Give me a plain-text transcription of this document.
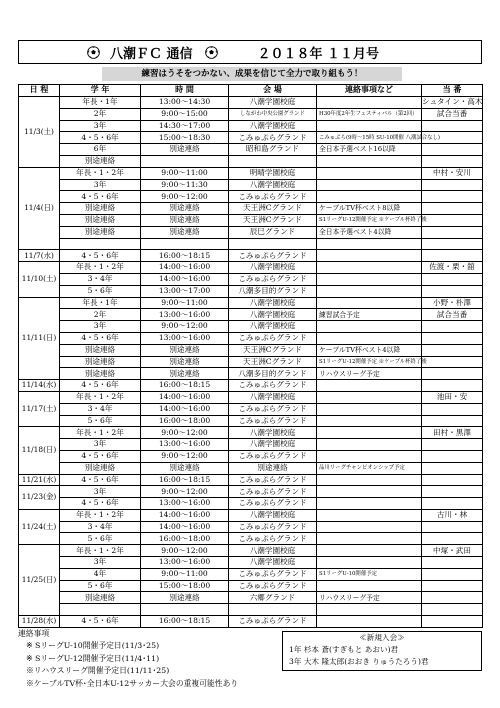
八潮ＦＣ 通信	２０１８年 １１月号
練習はうそをつかない、成果を信じて全力で取り組もう！
日 程	学 年	時 間	会 場	連絡事項など	当 番
11/3(土)	年長・1年	13:00～14:30	八潮学園校庭		シュタイン・高木
	2年	9:00～15:00	しながわ中央公園グランド	H30年度2年生フェスティバル（第2回）	試合当番
	3年	14:30～17:00	八潮学園校庭		
	4・5・6年	15:00～18:30	こみゅぷらグランド	こみゅぷら(9時～15時 SU-10開催 八潮試合なし)	
	6年	別途連絡	昭和島グランド	全日本予選ベスト16以降	
	別途連絡				
11/4(日)	年長・1・2年	9:00～11:00	明晴学園校庭		中村・安川
	3年	9:00～11:30	八潮学園校庭		
	4・5・6年	9:00～12:00	こみゅぷらグランド		
	別途連絡	別途連絡	天王洲Cグランド	ケーブルTV杯ベスト8以降	
	別途連絡	別途連絡	天王洲Cグランド	S1リーグU-12開催予定 ※ケーブル杯終了後	
	別途連絡	別途連絡	辰巳グランド	全日本予選ベスト4以降	

11/7(水)	4・5・6年	16:00～18:15	こみゅぷらグランド		
11/10(土)	年長・1・2年	14:00～16:00	八潮学園校庭		佐渡・栗・舘
	3・4年	14:00～16:00	こみゅぷらグランド		
	5・6年	13:00～17:00	八潮多目的グランド		
11/11(日)	年長・1年	9:00～11:00	八潮学園校庭		小野・朴澤
	2年	13:00～16:00	八潮学園校庭	練習試合予定	試合当番
	3年	9:00～12:00	八潮学園校庭		
	4・5・6年	13:00～16:00	こみゅぷらグランド		
	別途連絡	別途連絡	天王洲Cグランド	ケーブルTV杯ベスト4以降	
	別途連絡	別途連絡	天王洲Cグランド	S1リーグU-12開催予定 ※ケーブル杯終了後	
	別途連絡	別途連絡	八潮多目的グランド	リハウスリーグ予定	
11/14(水)	4・5・6年	16:00～18:15	こみゅぷらグランド		
11/17(土)	年長・1・2年	14:00～16:00	八潮学園校庭		池田・安
	3・4年	14:00～16:00	こみゅぷらグランド		
	5・6年	16:00～18:00	こみゅぷらグランド		
11/18(日)	年長・1・2年	9:00～12:00	八潮学園校庭		田村・黒澤
	3年	13:00～16:00	八潮学園校庭		
	4・5・6年	9:00～12:00	こみゅぷらグランド		
	別途連絡	別途連絡	別途連絡	品川リーグチャンピオンシップ予定	
11/21(水)	4・5・6年	16:00～18:15	こみゅぷらグランド		
11/23(金)	3年	9:00～12:00	こみゅぷらグランド		
	4・5・6年	13:00～16:00	こみゅぷらグランド		
11/24(土)	年長・1・2年	14:00～16:00	八潮学園校庭		古川・林
	3・4年	14:00～16:00	こみゅぷらグランド		
	5・6年	16:00～18:00	こみゅぷらグランド		
11/25(日)	年長・1・2年	9:00～12:00	八潮学園校庭		中塚・武田
	3年	13:00～16:00	八潮学園校庭		
	4年	9:00～11:00	こみゅぷらグランド	S1リーグU-10開催予定	
	5・6年	15:00～18:00	こみゅぷらグランド		
	別途連絡	別途連絡	六郷グランド	リハウスリーグ予定	

11/28(水)	4・5・6年	16:00～18:15	こみゅぷらグランド		
連絡事項
※ SリーグU-10開催予定日(11/3･25)
※ SリーグU-12開催予定日(11/4･11)
※リハウスリーグ開催予定日(11/11･25)
※ケーブルTV杯･全日本U-12サッカー大会の重複可能性あり
≪新規入会≫
1年 杉本 蒼(すぎもと あおい)君
3年 大木 隆太郎(おおき りゅうたろう)君
